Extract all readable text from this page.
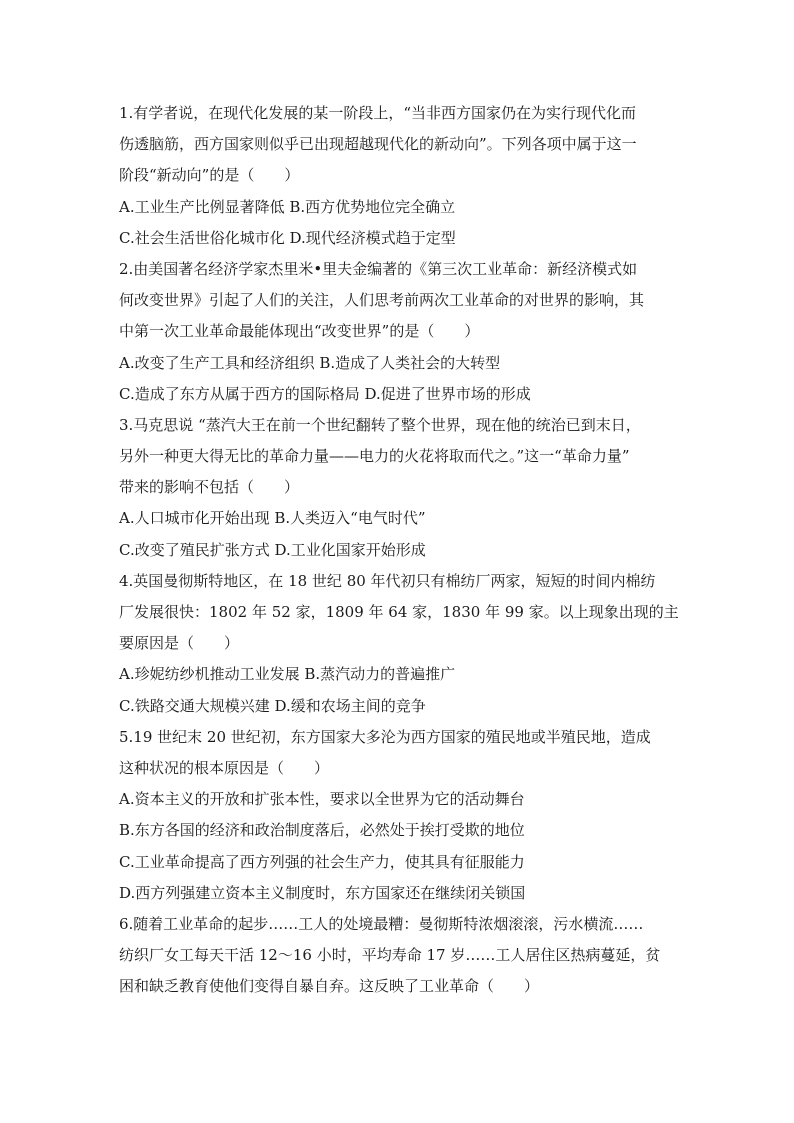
1.有学者说，在现代化发展的某一阶段上，“当非西方国家仍在为实行现代化而
伤透脑筋，西方国家则似乎已出现超越现代化的新动向”。下列各项中属于这一
阶段“新动向”的是（　　）
A.工业生产比例显著降低 B.西方优势地位完全确立
C.社会生活世俗化城市化 D.现代经济模式趋于定型
2.由美国著名经济学家杰里米•里夫金编著的《第三次工业革命：新经济模式如
何改变世界》引起了人们的关注，人们思考前两次工业革命的对世界的影响，其
中第一次工业革命最能体现出“改变世界”的是（　　）
A.改变了生产工具和经济组织 B.造成了人类社会的大转型
C.造成了东方从属于西方的国际格局 D.促进了世界市场的形成
3.马克思说 “蒸汽大王在前一个世纪翻转了整个世界，现在他的统治已到末日，
另外一种更大得无比的革命力量——电力的火花将取而代之。”这一“革命力量”
带来的影响不包括（　　）
A.人口城市化开始出现 B.人类迈入“电气时代”
C.改变了殖民扩张方式 D.工业化国家开始形成
4.英国曼彻斯特地区，在 18 世纪 80 年代初只有棉纺厂两家，短短的时间内棉纺
厂发展很快：1802 年 52 家，1809 年 64 家，1830 年 99 家。以上现象出现的主
要原因是（　　）
A.珍妮纺纱机推动工业发展 B.蒸汽动力的普遍推广
C.铁路交通大规模兴建 D.缓和农场主间的竞争
5.19 世纪末 20 世纪初，东方国家大多沦为西方国家的殖民地或半殖民地，造成
这种状况的根本原因是（　　）
A.资本主义的开放和扩张本性，要求以全世界为它的活动舞台
B.东方各国的经济和政治制度落后，必然处于挨打受欺的地位
C.工业革命提高了西方列强的社会生产力，使其具有征服能力
D.西方列强建立资本主义制度时，东方国家还在继续闭关锁国
6.随着工业革命的起步……工人的处境最糟：曼彻斯特浓烟滚滚，污水横流……
纺织厂女工每天干活 12～16 小时，平均寿命 17 岁……工人居住区热病蔓延，贫
困和缺乏教育使他们变得自暴自弃。这反映了工业革命（　　）
